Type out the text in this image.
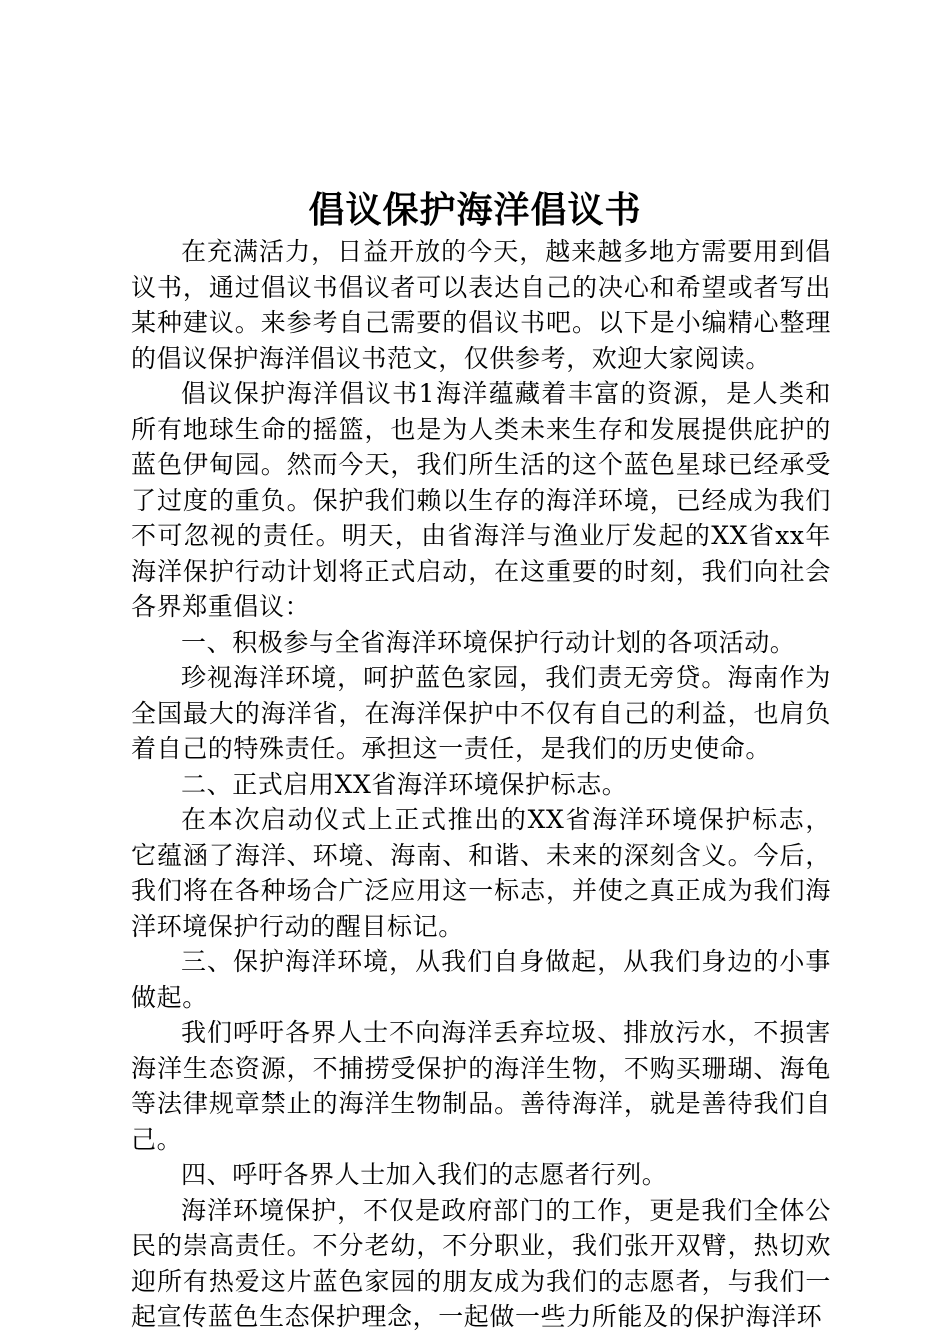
倡议保护海洋倡议书

在充满活力，日益开放的今天，越来越多地方需要用到倡议书，通过倡议书倡议者可以表达自己的决心和希望或者写出某种建议。来参考自己需要的倡议书吧。以下是小编精心整理的倡议保护海洋倡议书范文，仅供参考，欢迎大家阅读。

倡议保护海洋倡议书1海洋蕴藏着丰富的资源，是人类和所有地球生命的摇篮，也是为人类未来生存和发展提供庇护的蓝色伊甸园。然而今天，我们所生活的这个蓝色星球已经承受了过度的重负。保护我们赖以生存的海洋环境，已经成为我们不可忽视的责任。明天，由省海洋与渔业厅发起的XX省xx年海洋保护行动计划将正式启动，在这重要的时刻，我们向社会各界郑重倡议：

一、积极参与全省海洋环境保护行动计划的各项活动。

珍视海洋环境，呵护蓝色家园，我们责无旁贷。海南作为全国最大的海洋省，在海洋保护中不仅有自己的利益，也肩负着自己的特殊责任。承担这一责任，是我们的历史使命。

二、正式启用XX省海洋环境保护标志。

在本次启动仪式上正式推出的XX省海洋环境保护标志，它蕴涵了海洋、环境、海南、和谐、未来的深刻含义。今后，我们将在各种场合广泛应用这一标志，并使之真正成为我们海洋环境保护行动的醒目标记。

三、保护海洋环境，从我们自身做起，从我们身边的小事做起。

我们呼吁各界人士不向海洋丢弃垃圾、排放污水，不损害海洋生态资源，不捕捞受保护的海洋生物，不购买珊瑚、海龟等法律规章禁止的海洋生物制品。善待海洋，就是善待我们自己。

四、呼吁各界人士加入我们的志愿者行列。

海洋环境保护，不仅是政府部门的工作，更是我们全体公民的崇高责任。不分老幼，不分职业，我们张开双臂，热切欢迎所有热爱这片蓝色家园的朋友成为我们的志愿者，与我们一起宣传蓝色生态保护理念，一起做一些力所能及的保护海洋环
